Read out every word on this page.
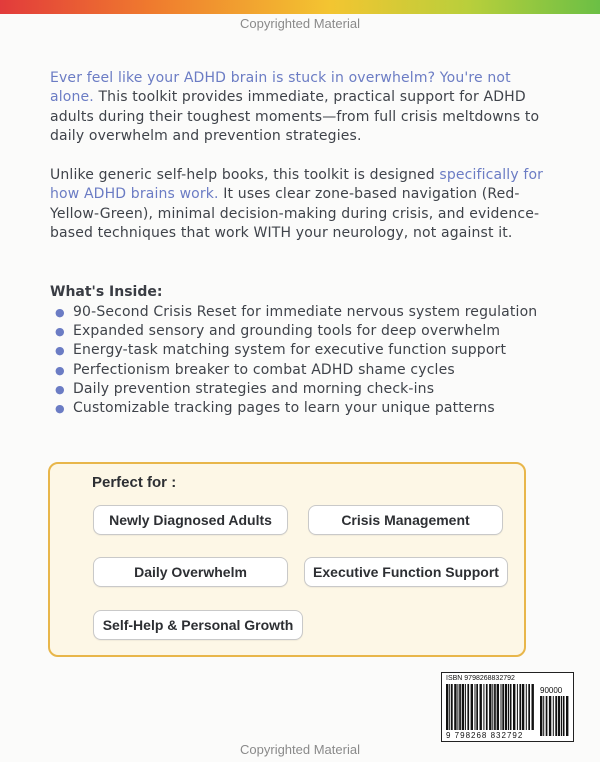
Copyrighted Material
Ever feel like your ADHD brain is stuck in overwhelm? You're not alone. This toolkit provides immediate, practical support for ADHD adults during their toughest moments—from full crisis meltdowns to daily overwhelm and prevention strategies.
Unlike generic self-help books, this toolkit is designed specifically for how ADHD brains work. It uses clear zone-based navigation (Red-Yellow-Green), minimal decision-making during crisis, and evidence-based techniques that work WITH your neurology, not against it.
What's Inside:
● 90-Second Crisis Reset for immediate nervous system regulation
● Expanded sensory and grounding tools for deep overwhelm
● Energy-task matching system for executive function support
● Perfectionism breaker to combat ADHD shame cycles
● Daily prevention strategies and morning check-ins
● Customizable tracking pages to learn your unique patterns
Perfect for :
Newly Diagnosed Adults	Crisis Management
Daily Overwhelm	Executive Function Support
Self-Help & Personal Growth
ISBN 9798268832792
90000
9 798268 832792
Copyrighted Material
